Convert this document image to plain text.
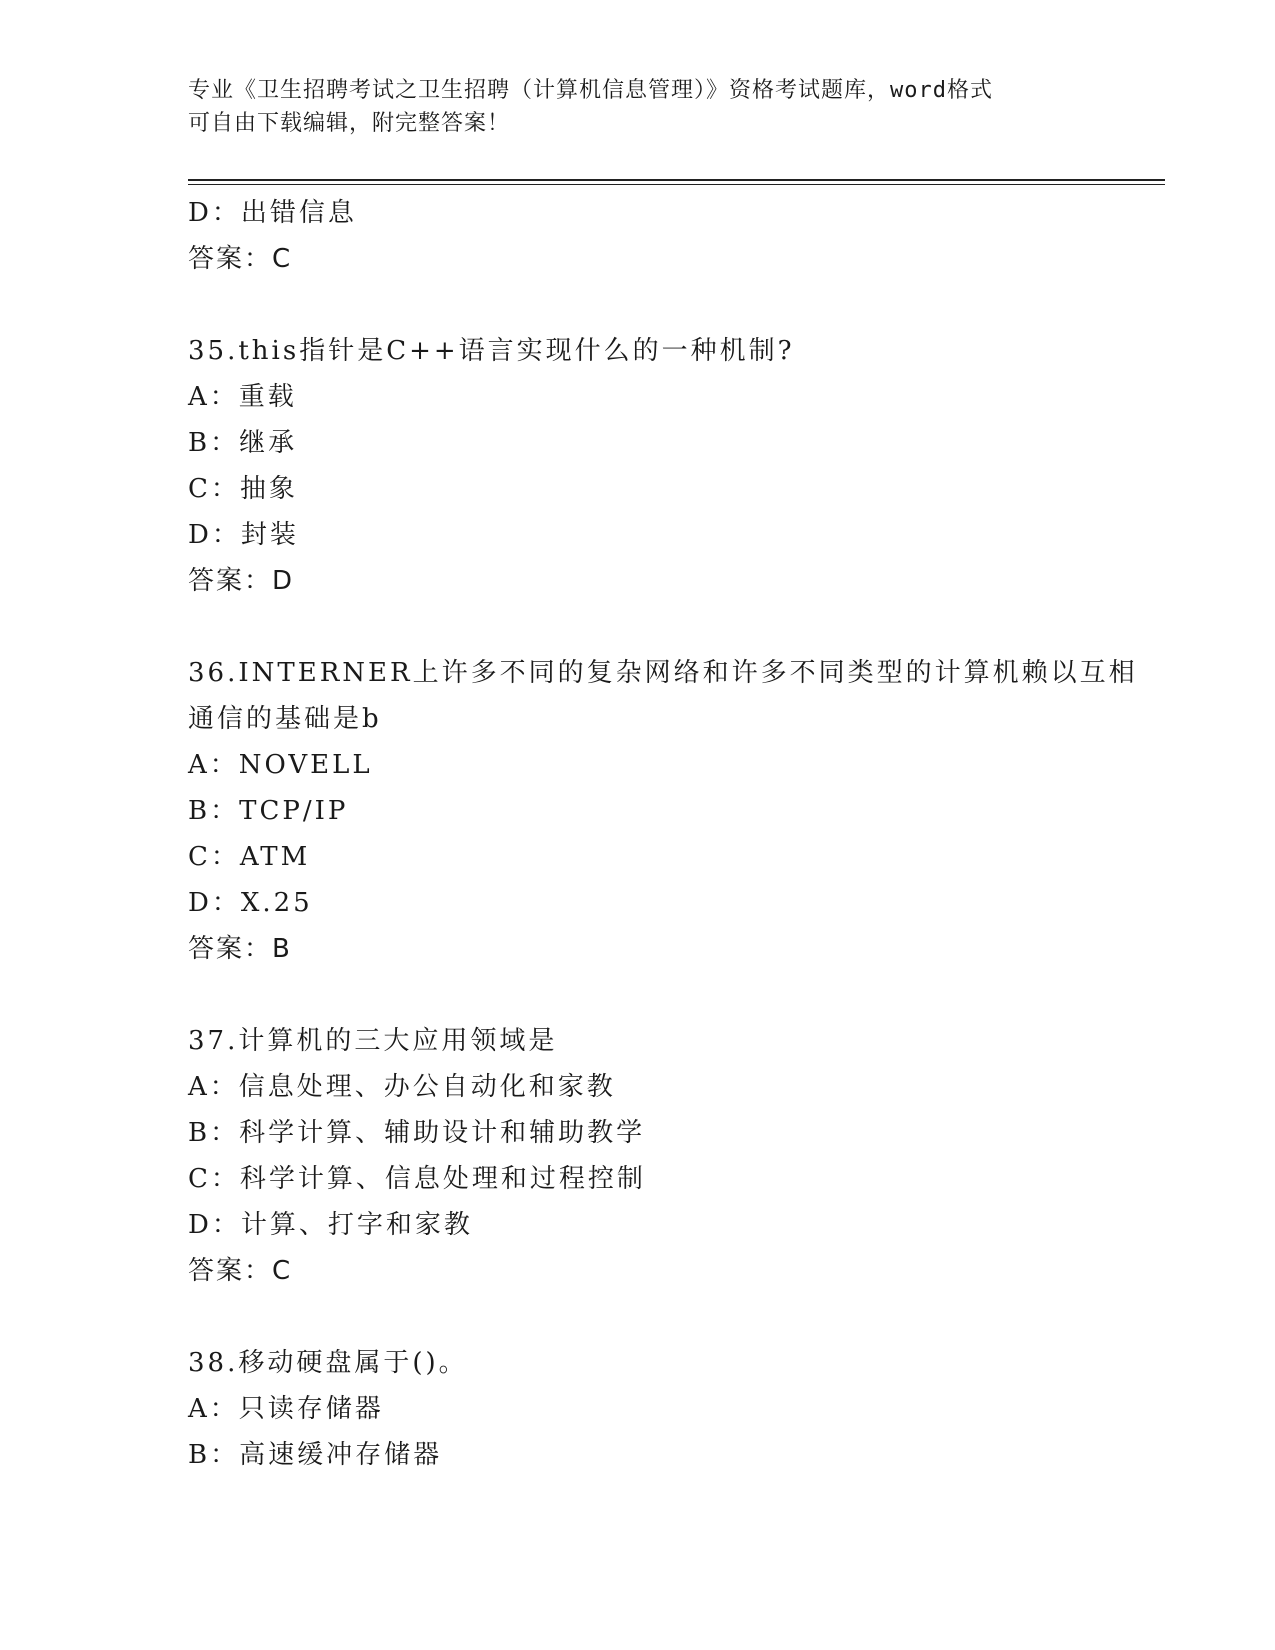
专业《卫生招聘考试之卫生招聘（计算机信息管理）》资格考试题库，word格式
可自由下载编辑，附完整答案！
D：出错信息
答案：C
35.this指针是C++语言实现什么的一种机制?
A：重载
B：继承
C：抽象
D：封装
答案：D
36.INTERNER上许多不同的复杂网络和许多不同类型的计算机赖以互相
通信的基础是b
A：NOVELL
B：TCP/IP
C：ATM
D：X.25
答案：B
37.计算机的三大应用领域是
A：信息处理、办公自动化和家教
B：科学计算、辅助设计和辅助教学
C：科学计算、信息处理和过程控制
D：计算、打字和家教
答案：C
38.移动硬盘属于()。
A：只读存储器
B：高速缓冲存储器
